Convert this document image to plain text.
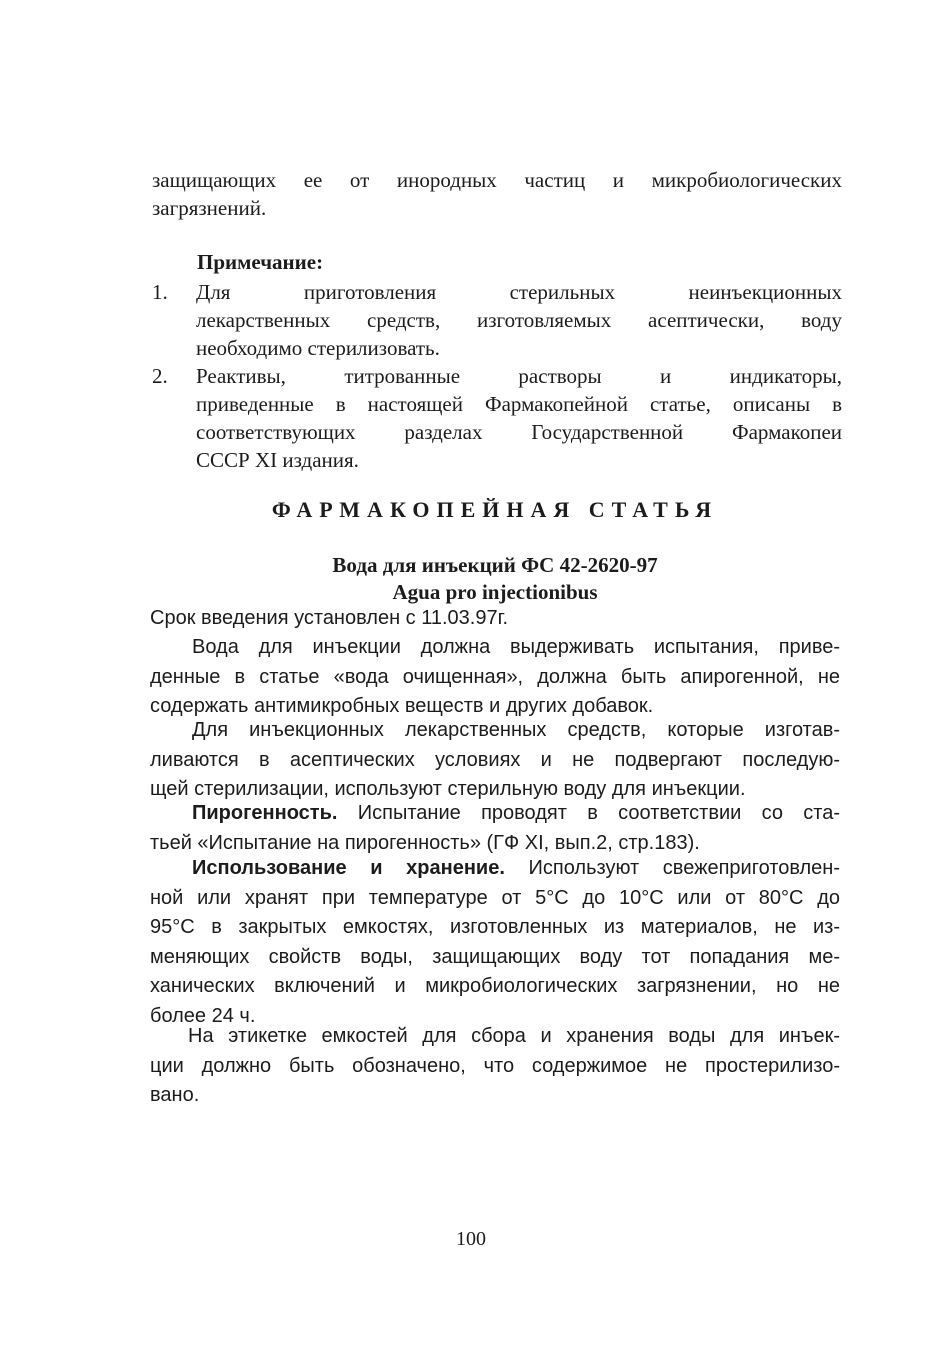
защищающих ее от инородных частиц и микробиологических
загрязнений.
Примечание:
1. Для приготовления стерильных неинъекционных
лекарственных средств, изготовляемых асептически, воду
необходимо стерилизовать.
2. Реактивы, титрованные растворы и индикаторы,
приведенные в настоящей Фармакопейной статье, описаны в
соответствующих разделах Государственной Фармакопеи
СССР XI издания.
ФАРМАКОПЕЙНАЯ СТАТЬЯ
Вода для инъекций ФС 42-2620-97
Agua pro injectionibus
Срок введения установлен с 11.03.97г.
Вода для инъекции должна выдерживать испытания, приве-
денные в статье «вода очищенная», должна быть апирогенной, не
содержать антимикробных веществ и других добавок.
Для инъекционных лекарственных средств, которые изготав-
ливаются в асептических условиях и не подвергают последую-
щей стерилизации, используют стерильную воду для инъекции.
Пирогенность. Испытание проводят в соответствии со ста-
тьей «Испытание на пирогенность» (ГФ XI, вып.2, стр.183).
Использование и хранение. Используют свежеприготовлен-
ной или хранят при температуре от 5°С до 10°С или от 80°С до
95°С в закрытых емкостях, изготовленных из материалов, не из-
меняющих свойств воды, защищающих воду тот попадания ме-
ханических включений и микробиологических загрязнении, но не
более 24 ч.
На этикетке емкостей для сбора и хранения воды для инъек-
ции должно быть обозначено, что содержимое не простерилизо-
вано.
100
